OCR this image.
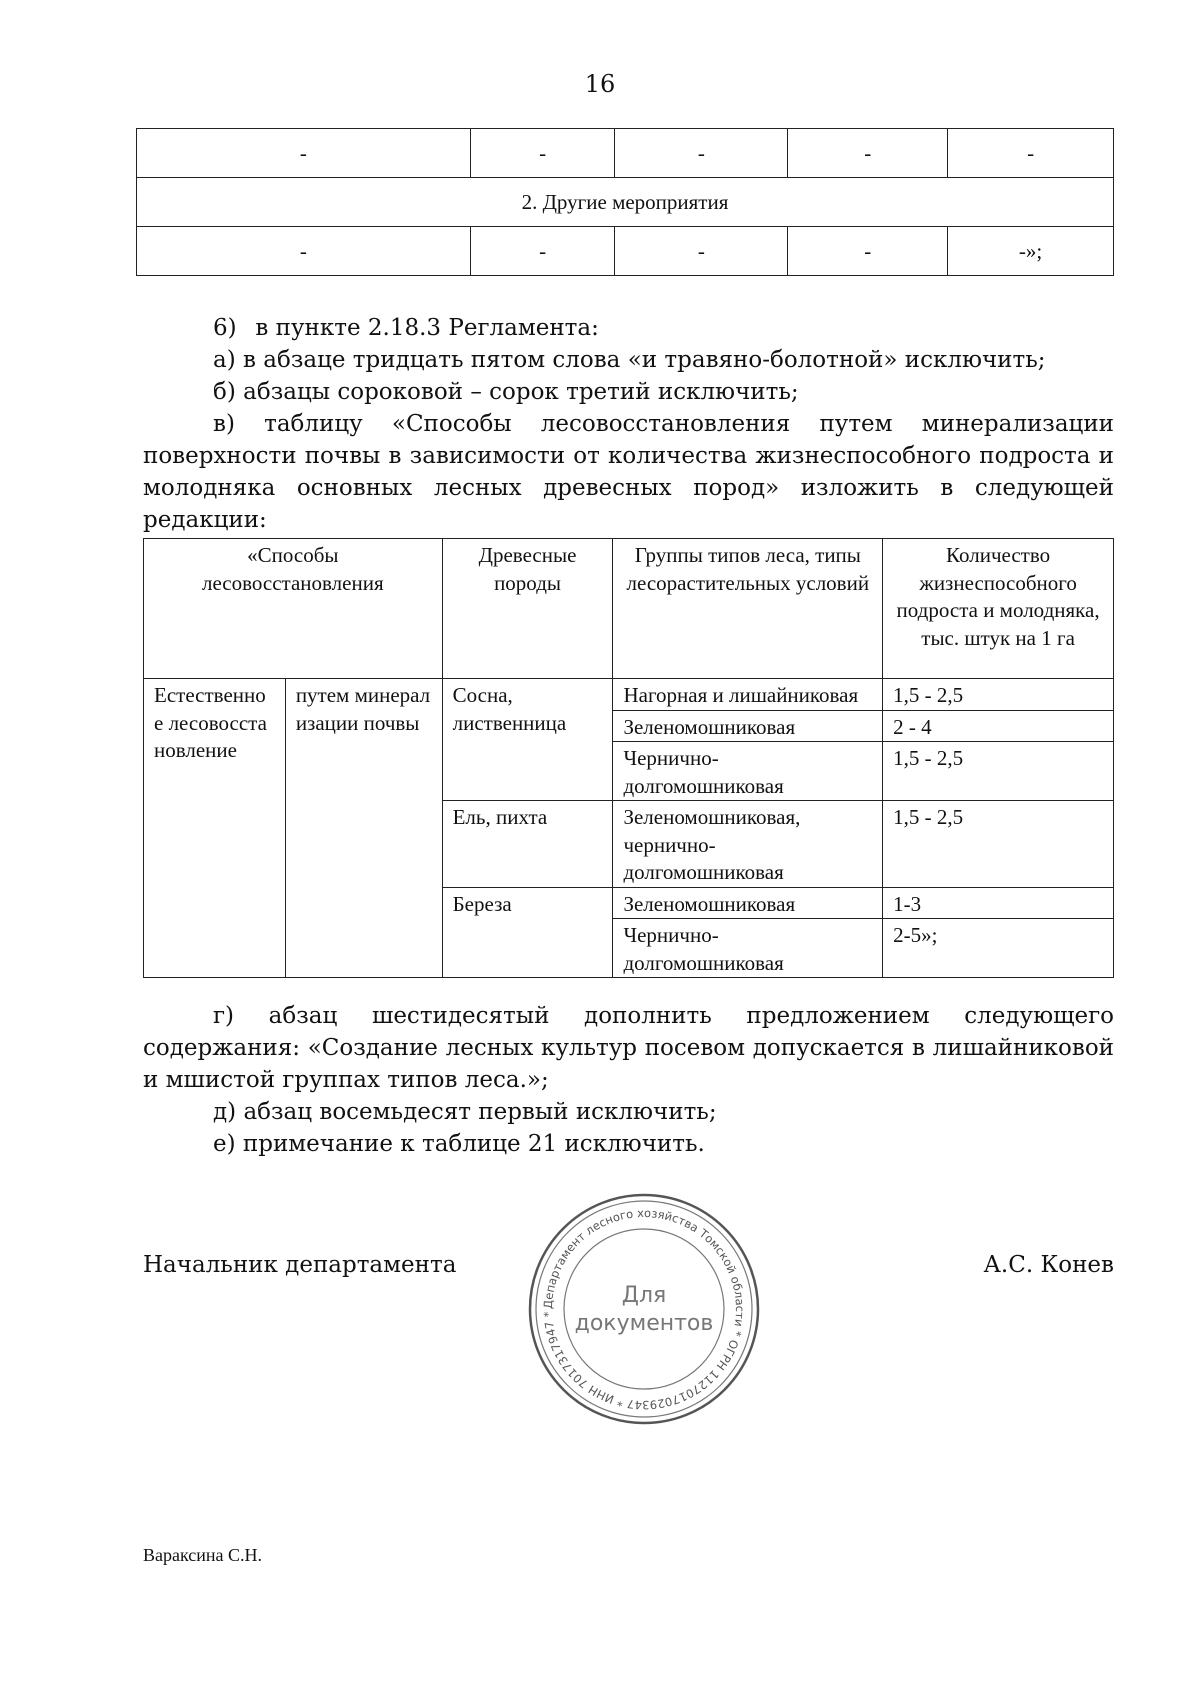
16
-	-	-	-	-
2. Другие мероприятия				
-	-	-	-	-»;

6)  в пункте 2.18.3 Регламента:

а) в абзаце тридцать пятом слова «и травяно-болотной» исключить;

б) абзацы сороковой – сорок третий исключить;

в) таблицу «Способы лесовосстановления путем минерализации поверхности почвы в зависимости от количества жизнеспособного подроста и молодняка основных лесных древесных пород» изложить в следующей редакции:

«Способы лесовосстановления		Древесные породы	Группы типов леса, типы лесорастительных условий	Количество жизнеспособного подроста и молодняка, тыс. штук на 1 га
Естественное лесовосстановление	путем минерализации почвы	Сосна, лиственница	Нагорная и лишайниковая	1,5 - 2,5
			Зеленомошниковая	2 - 4
			Чернично-долгомошниковая	1,5 - 2,5
		Ель, пихта	Зеленомошниковая, чернично-долгомошниковая	1,5 - 2,5
		Береза	Зеленомошниковая	1-3
			Чернично-долгомошниковая	2-5»;

г) абзац шестидесятый дополнить предложением следующего содержания: «Создание лесных культур посевом допускается в лишайниковой и мшистой группах типов леса.»;

д) абзац восемьдесят первый исключить;

е) примечание к таблице 21 исключить.

Начальник департамента	А.С. Конев
Департамент лесного хозяйства Томской области * ОГРН 1127017029347 * ИНН 7017317947 *
Для
документов
Вараксина С.Н.
